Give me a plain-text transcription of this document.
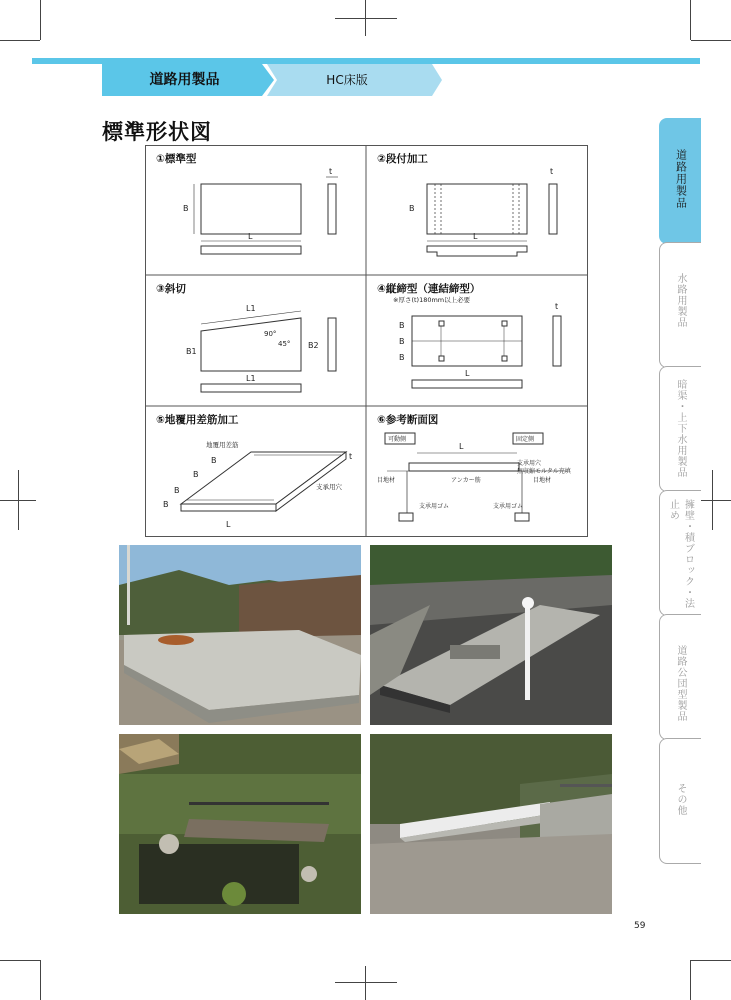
道路用製品	HC床版
標準形状図
①標準型
t
B
L
②段付加工
t
B
L
③斜切
L1
L1
B1
B2
90°
45°
④縦締型（連結締型）
※厚さ(t)180mm以上必要
t
B
B
B
L
⑤地覆用差筋加工
地覆用差筋
t
B
B
B
B
支承用穴
L
⑥参考断面図
可動側	固定側
L
支承用穴
無収縮モルタル充填
目地材	アンカー筋	目地材
支承用ゴム	支承用ゴム
道路用製品
水路用製品
暗渠・上下水用製品
擁壁・積ブロック・法止め
道路公団型製品
その他
59
